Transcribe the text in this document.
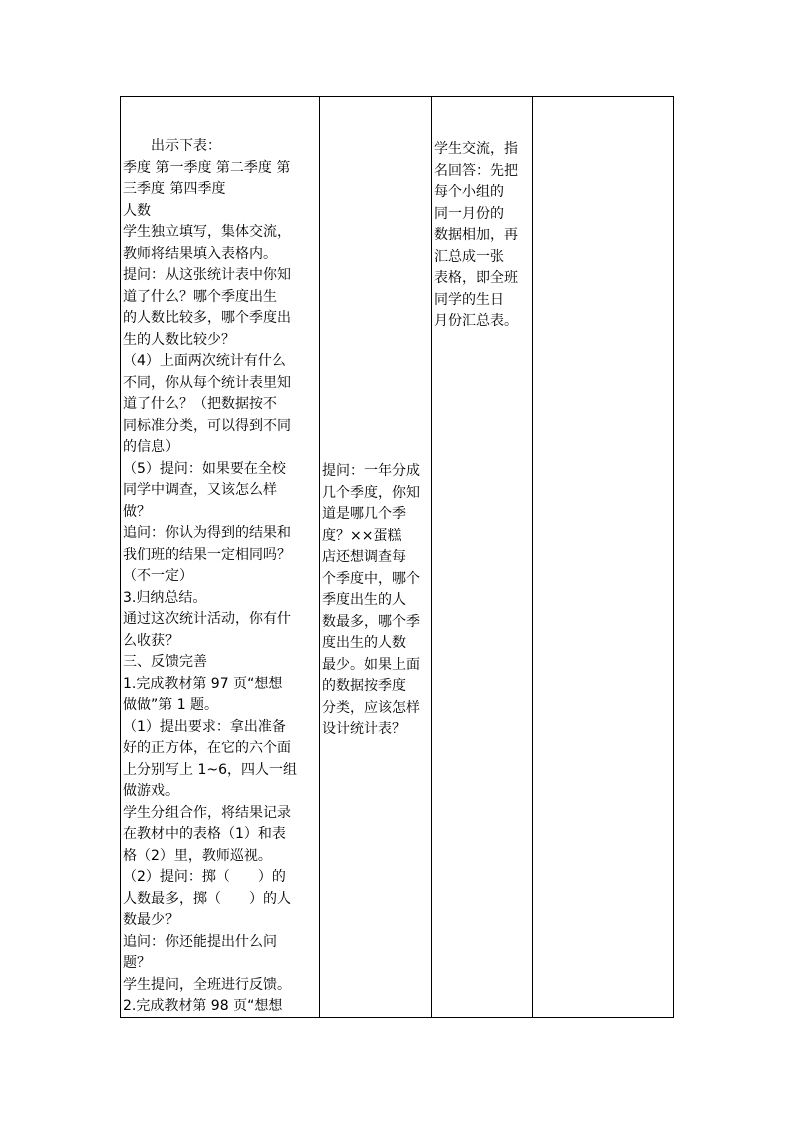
出示下表：
季度 第一季度 第二季度 第
三季度 第四季度
人数
学生独立填写，集体交流，
教师将结果填入表格内。
提问：从这张统计表中你知
道了什么？哪个季度出生
的人数比较多，哪个季度出
生的人数比较少？
（4）上面两次统计有什么
不同，你从每个统计表里知
道了什么？（把数据按不
同标准分类，可以得到不同
的信息）
（5）提问：如果要在全校
同学中调查，又该怎么样
做？
追问：你认为得到的结果和
我们班的结果一定相同吗？
（不一定）
3.归纳总结。
通过这次统计活动，你有什
么收获？
三、反馈完善
1.完成教材第 97 页“想想
做做”第 1 题。
（1）提出要求：拿出准备
好的正方体，在它的六个面
上分别写上 1~6，四人一组
做游戏。
学生分组合作，将结果记录
在教材中的表格（1）和表
格（2）里，教师巡视。
（2）提问：掷（　　）的
人数最多，掷（　　）的人
数最少？
追问：你还能提出什么问
题？
学生提问，全班进行反馈。
2.完成教材第 98 页“想想
提问：一年分成
几个季度，你知
道是哪几个季
度？××蛋糕
店还想调查每
个季度中，哪个
季度出生的人
数最多，哪个季
度出生的人数
最少。如果上面
的数据按季度
分类，应该怎样
设计统计表？
学生交流，指
名回答：先把
每个小组的
同一月份的
数据相加，再
汇总成一张
表格，即全班
同学的生日
月份汇总表。
